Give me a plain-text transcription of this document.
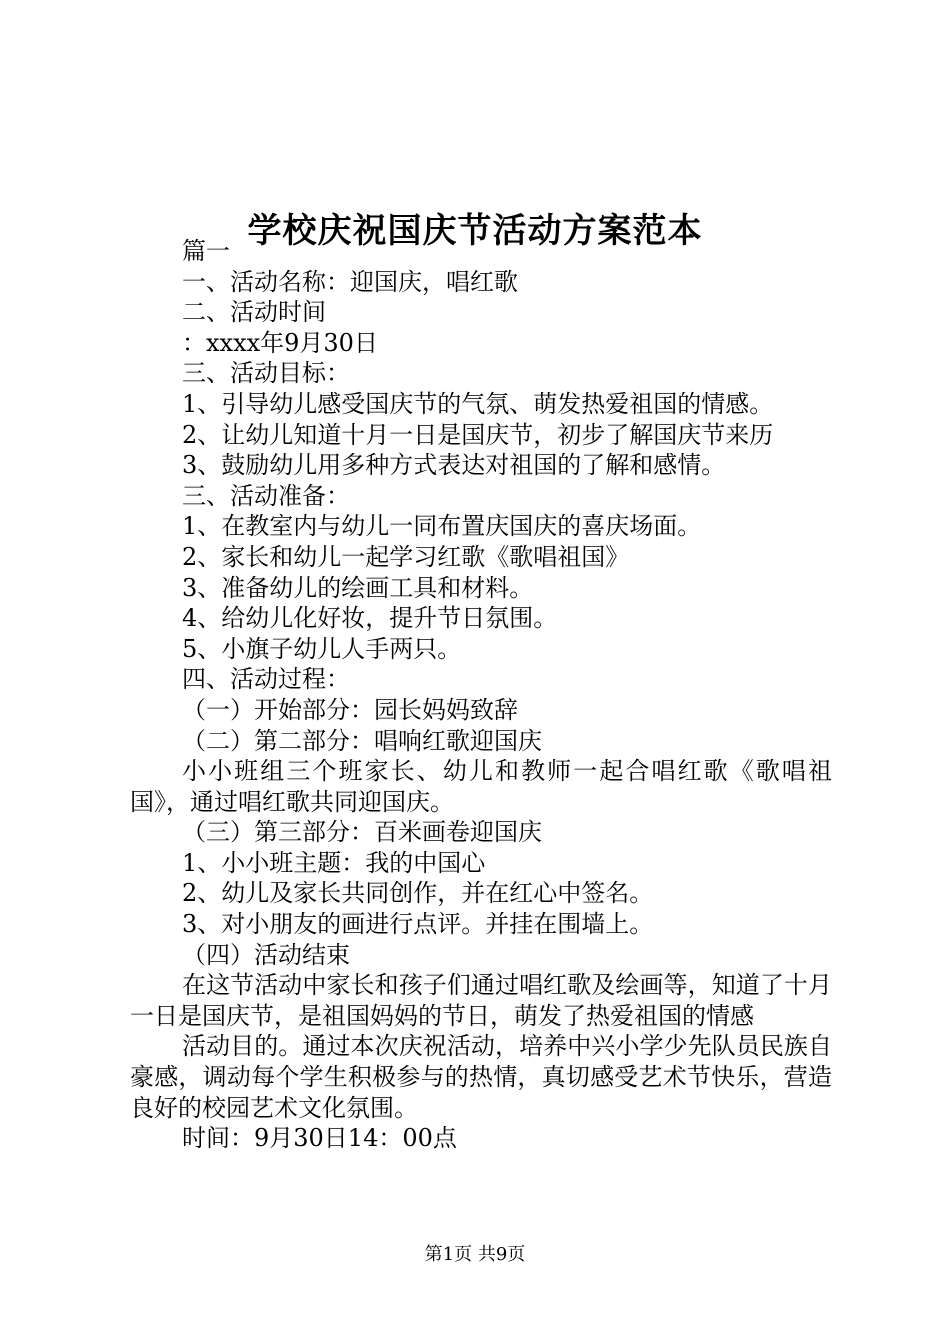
学校庆祝国庆节活动方案范本

篇一

一、活动名称：迎国庆，唱红歌

二、活动时间

：xxxx年9月30日

三、活动目标：

1、引导幼儿感受国庆节的气氛、萌发热爱祖国的情感。

2、让幼儿知道十月一日是国庆节，初步了解国庆节来历

3、鼓励幼儿用多种方式表达对祖国的了解和感情。

三、活动准备：

1、在教室内与幼儿一同布置庆国庆的喜庆场面。

2、家长和幼儿一起学习红歌《歌唱祖国》

3、准备幼儿的绘画工具和材料。

4、给幼儿化好妆，提升节日氛围。

5、小旗子幼儿人手两只。

四、活动过程：

（一）开始部分：园长妈妈致辞

（二）第二部分：唱响红歌迎国庆

小小班组三个班家长、幼儿和教师一起合唱红歌《歌唱祖国》，通过唱红歌共同迎国庆。

（三）第三部分：百米画卷迎国庆

1、小小班主题：我的中国心

2、幼儿及家长共同创作，并在红心中签名。

3、对小朋友的画进行点评。并挂在围墙上。

（四）活动结束

在这节活动中家长和孩子们通过唱红歌及绘画等，知道了十月一日是国庆节，是祖国妈妈的节日，萌发了热爱祖国的情感

活动目的。通过本次庆祝活动，培养中兴小学少先队员民族自豪感，调动每个学生积极参与的热情，真切感受艺术节快乐，营造良好的校园艺术文化氛围。

时间：9月30日14：00点

第1页 共9页
